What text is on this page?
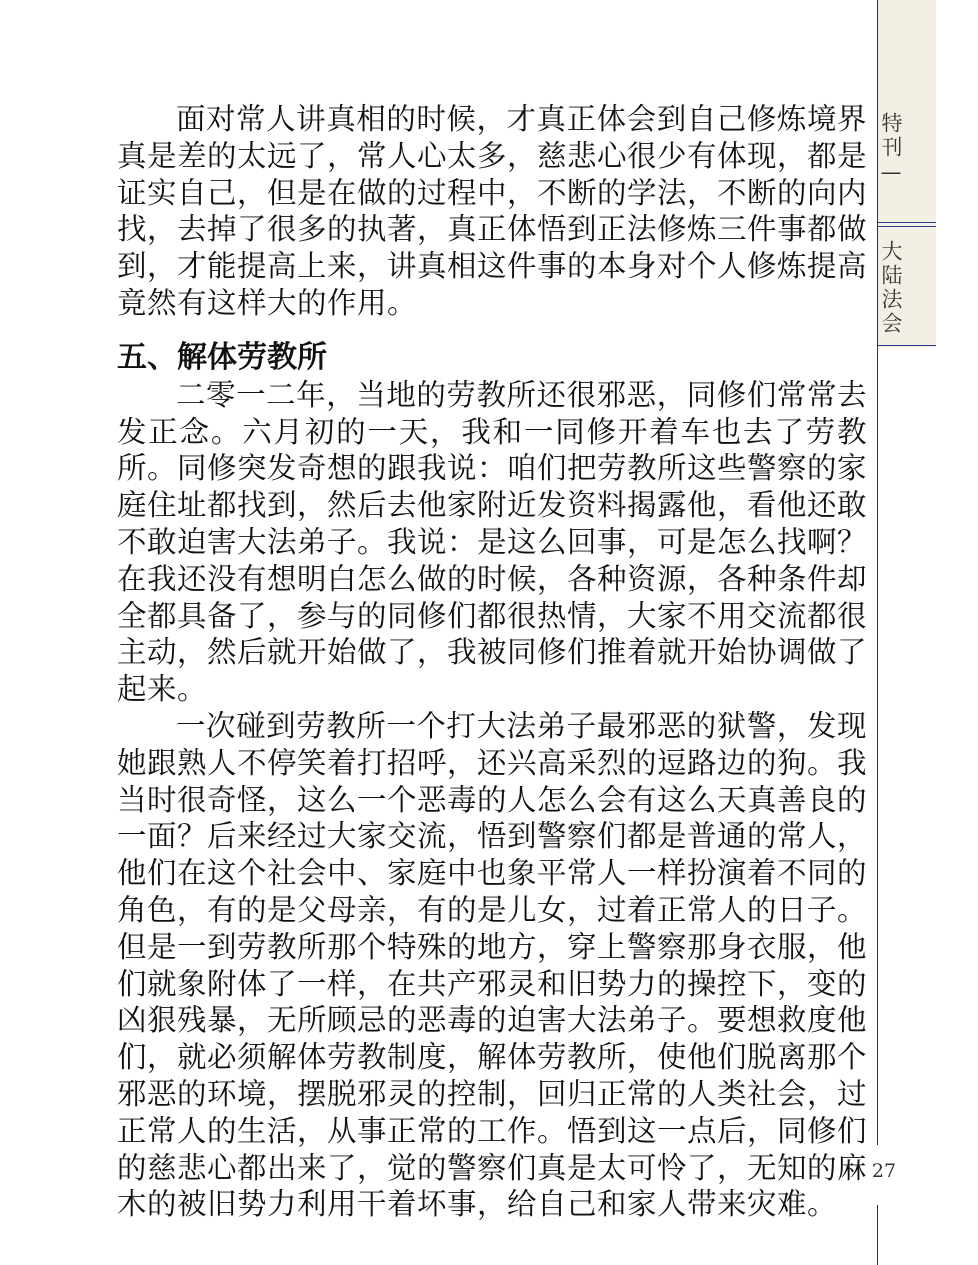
特刊—
大陆法会

面对常人讲真相的时候，才真正体会到自己修炼境界真是差的太远了，常人心太多，慈悲心很少有体现，都是证实自己，但是在做的过程中，不断的学法，不断的向内找，去掉了很多的执著，真正体悟到正法修炼三件事都做到，才能提高上来，讲真相这件事的本身对个人修炼提高竟然有这样大的作用。

五、解体劳教所

二零一二年，当地的劳教所还很邪恶，同修们常常去发正念。六月初的一天，我和一同修开着车也去了劳教所。同修突发奇想的跟我说：咱们把劳教所这些警察的家庭住址都找到，然后去他家附近发资料揭露他，看他还敢不敢迫害大法弟子。我说：是这么回事，可是怎么找啊？在我还没有想明白怎么做的时候，各种资源，各种条件却全都具备了，参与的同修们都很热情，大家不用交流都很主动，然后就开始做了，我被同修们推着就开始协调做了起来。

一次碰到劳教所一个打大法弟子最邪恶的狱警，发现她跟熟人不停笑着打招呼，还兴高采烈的逗路边的狗。我当时很奇怪，这么一个恶毒的人怎么会有这么天真善良的一面？后来经过大家交流，悟到警察们都是普通的常人，他们在这个社会中、家庭中也象平常人一样扮演着不同的角色，有的是父母亲，有的是儿女，过着正常人的日子。但是一到劳教所那个特殊的地方，穿上警察那身衣服，他们就象附体了一样，在共产邪灵和旧势力的操控下，变的凶狠残暴，无所顾忌的恶毒的迫害大法弟子。要想救度他们，就必须解体劳教制度，解体劳教所，使他们脱离那个邪恶的环境，摆脱邪灵的控制，回归正常的人类社会，过正常人的生活，从事正常的工作。悟到这一点后，同修们的慈悲心都出来了，觉的警察们真是太可怜了，无知的麻木的被旧势力利用干着坏事，给自己和家人带来灾难。

27
